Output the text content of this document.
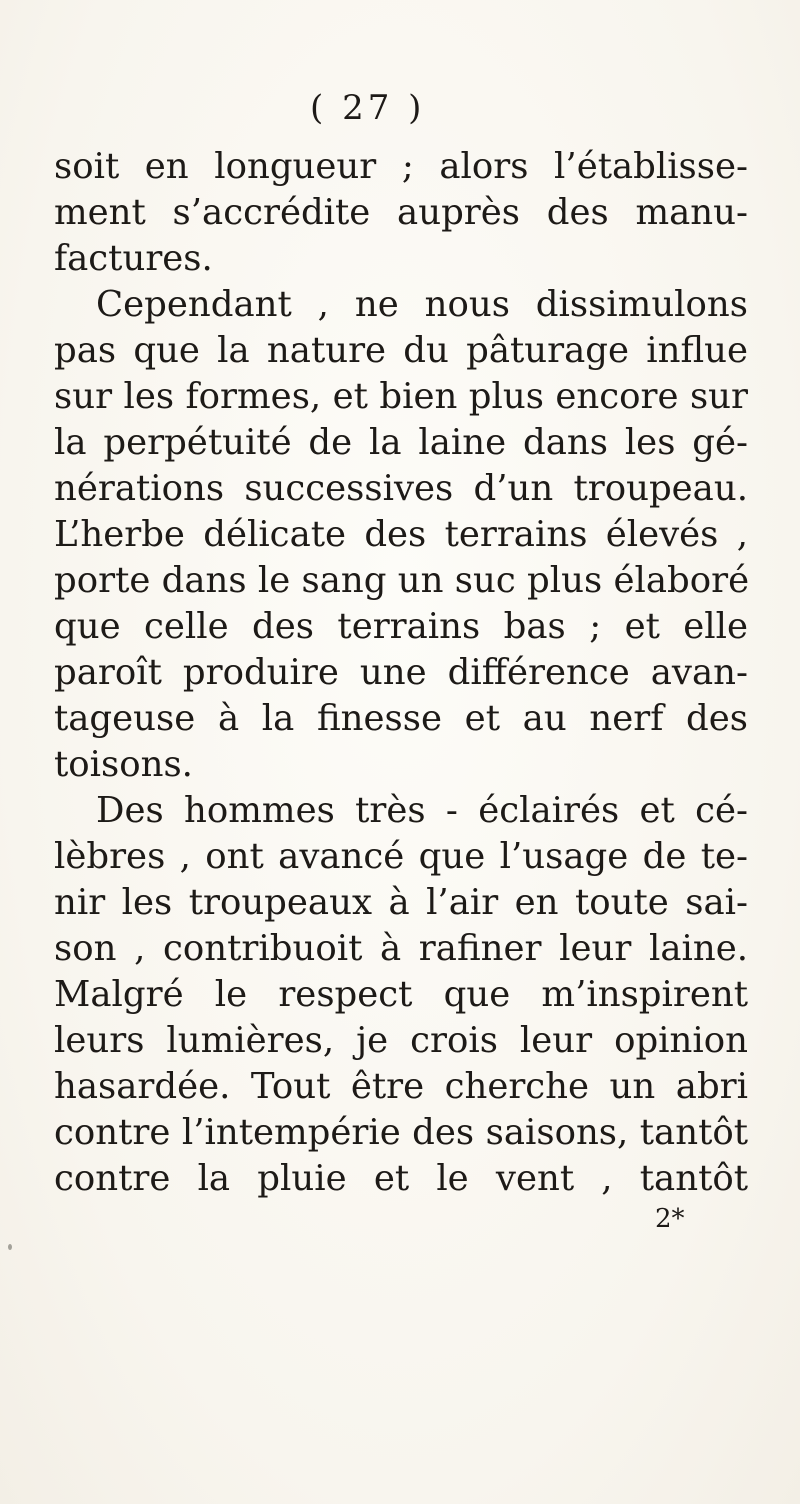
( 27 )
soit en longueur ; alors l’établisse-
ment s’accrédite auprès des manu-
factures.
Cependant , ne nous dissimulons
pas que la nature du pâturage influe
sur les formes, et bien plus encore sur
la perpétuité de la laine dans les gé-
nérations successives d’un troupeau.
L’herbe délicate des terrains élevés ,
porte dans le sang un suc plus élaboré
que celle des terrains bas ; et elle
paroît produire une différence avan-
tageuse à la finesse et au nerf des
toisons.
Des hommes très - éclairés et cé-
lèbres , ont avancé que l’usage de te-
nir les troupeaux à l’air en toute sai-
son , contribuoit à rafiner leur laine.
Malgré le respect que m’inspirent
leurs lumières, je crois leur opinion
hasardée. Tout être cherche un abri
contre l’intempérie des saisons, tantôt
contre la pluie et le vent , tantôt
2*
